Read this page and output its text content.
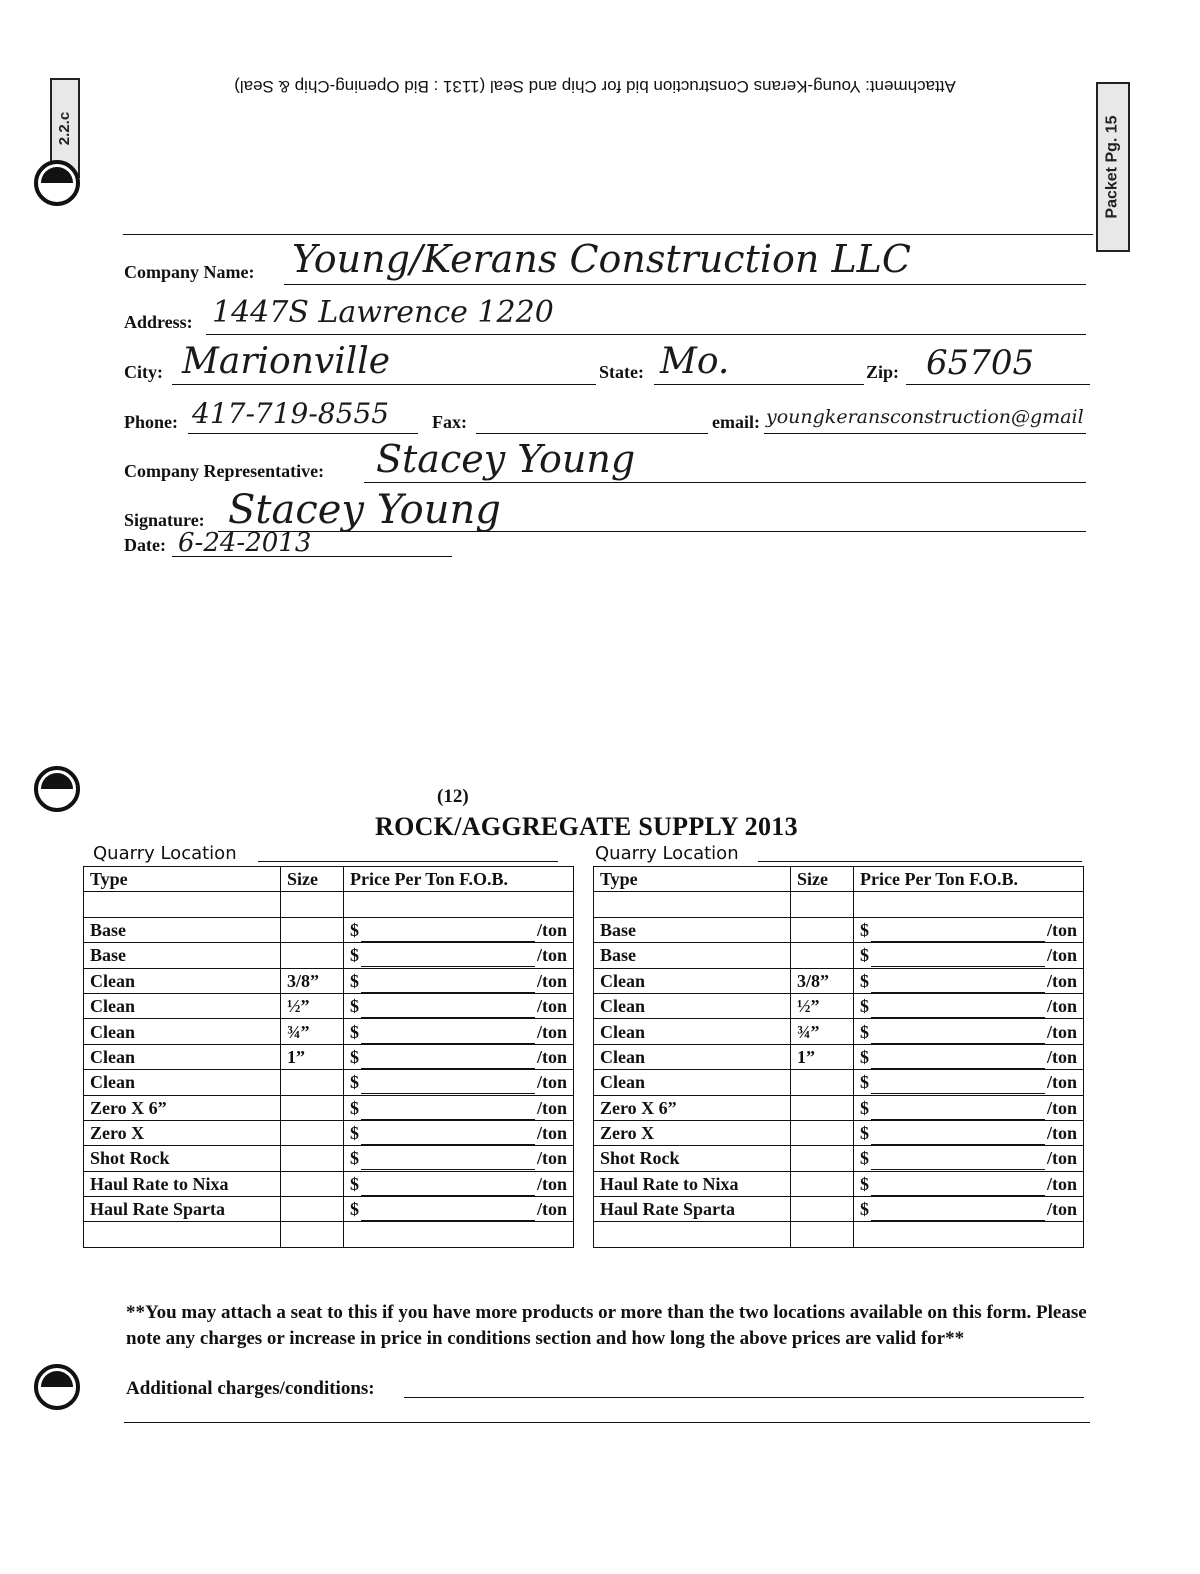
Attachment: Young-Kerans Construction bid for Chip and Seal (1131 : Bid Opening-Chip & Seal)
2.2.c	Packet Pg. 15
Company Name: Young/Kerans Construction LLC
Address: 1447S Lawrence 1220
City: Marionville	State: Mo.	Zip: 65705
Phone: 417-719-8555 Fax:	email: youngkeransconstruction@gmail
Company Representative: Stacey Young
Signature: Stacey Young
Date: 6-24-2013
(12)
ROCK/AGGREGATE SUPPLY 2013
Quarry Location	Quarry Location
Type	Size	Price Per Ton F.O.B.		Type	Size	Price Per Ton F.O.B.

Base		$ /ton		Base		$ /ton

Base		$ /ton		Base		$ /ton

Clean	3/8”	$ /ton		Clean	3/8”	$ /ton

Clean	½”	$ /ton		Clean	½”	$ /ton

Clean	¾”	$ /ton		Clean	¾”	$ /ton

Clean	1”	$ /ton		Clean	1”	$ /ton

Clean		$ /ton		Clean		$ /ton

Zero X 6”		$ /ton		Zero X 6”		$ /ton

Zero X		$ /ton		Zero X		$ /ton

Shot Rock		$ /ton		Shot Rock		$ /ton

Haul Rate to Nixa		$ /ton		Haul Rate to Nixa		$ /ton

Haul Rate Sparta		$ /ton		Haul Rate Sparta		$ /ton

**You may attach a seat to this if you have more products or more than the two locations available on this form. Please note any charges or increase in price in conditions section and how long the above prices are valid for**
Additional charges/conditions:
